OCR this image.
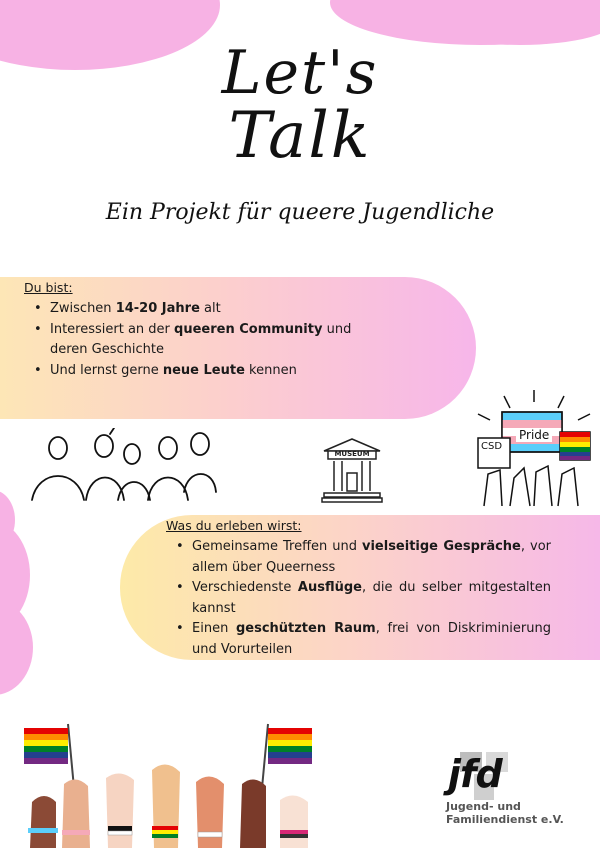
Let's
Talk
Ein Projekt für queere Jugendliche
Du bist:
• Zwischen 14-20 Jahre alt
• Interessiert an der queeren Community und deren Geschichte
• Und lernst gerne neue Leute kennen
MUSEUM
Pride
CSD
Was du erleben wirst:
• Gemeinsame Treffen und vielseitige Gespräche, vor allem über Queerness
• Verschiedenste Ausflüge, die du selber mitgestalten kannst
• Einen geschützten Raum, frei von Diskriminierung und Vorurteilen
jfd
Jugend- und
Familiendienst e.V.
